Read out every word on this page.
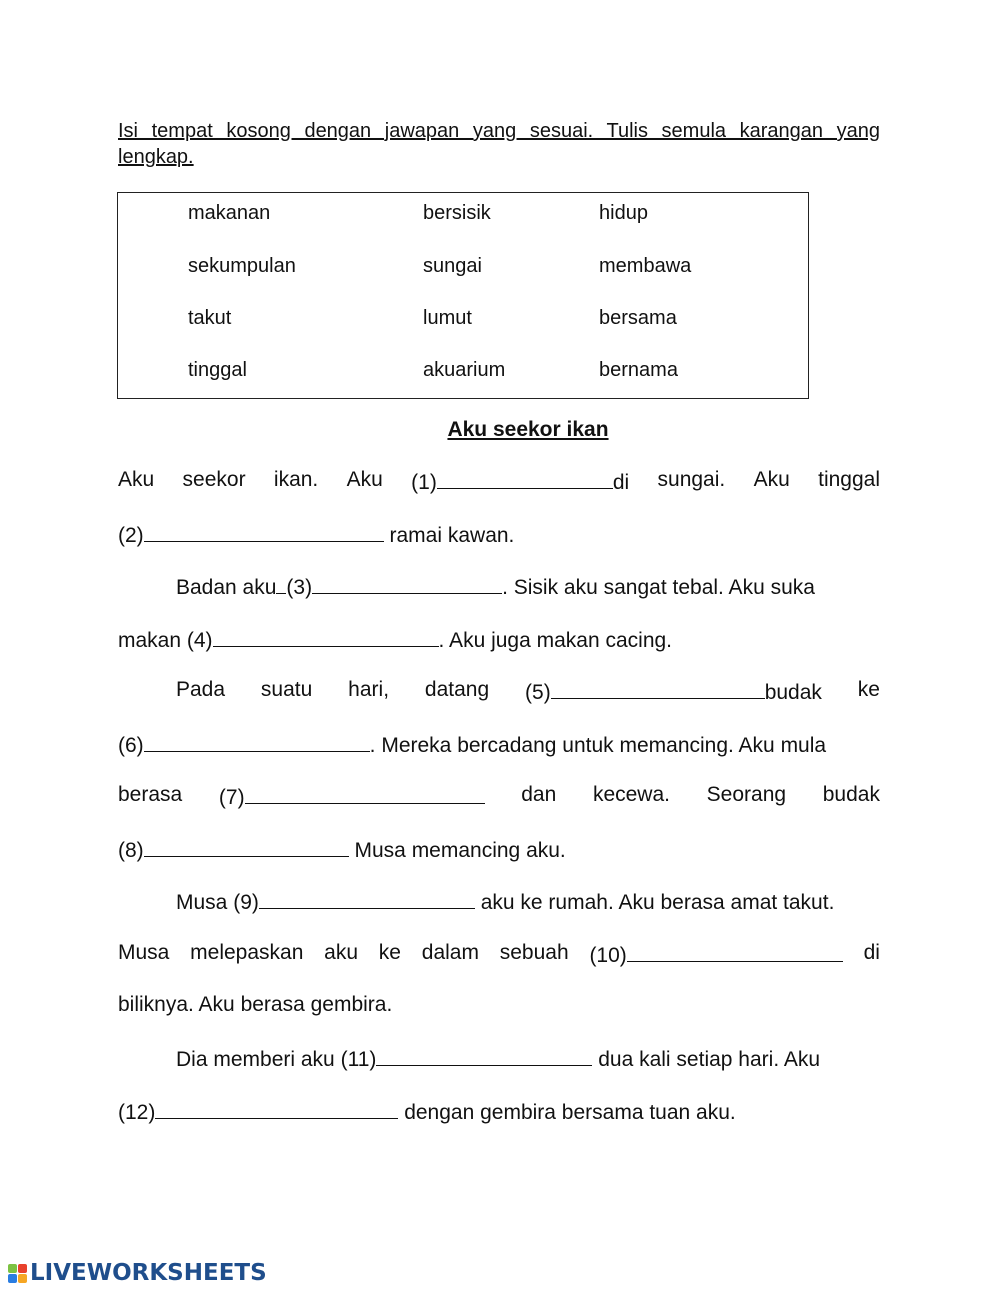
Isi tempat kosong dengan jawapan yang sesuai. Tulis semula karangan yang lengkap.

makanan	bersisik	hidup
sekumpulan	sungai	membawa
takut	lumut	bersama
tinggal	akuarium	bernama
Aku seekor ikan
Aku seekor ikan. Aku (1)	di sungai. Aku tinggal
(2)	ramai kawan.
Badan aku (3)	. Sisik aku sangat tebal. Aku suka
makan (4)	. Aku juga makan cacing.
Pada suatu hari, datang (5)	budak ke
(6)	. Mereka bercadang untuk memancing. Aku mula
berasa (7)	dan kecewa. Seorang budak
(8)	Musa memancing aku.
Musa (9)	aku ke rumah. Aku berasa amat takut.
Musa melepaskan aku ke dalam sebuah (10)	di
biliknya. Aku berasa gembira.
Dia memberi aku (11)	dua kali setiap hari. Aku
(12)	dengan gembira bersama tuan aku.
LIVEWORKSHEETS
